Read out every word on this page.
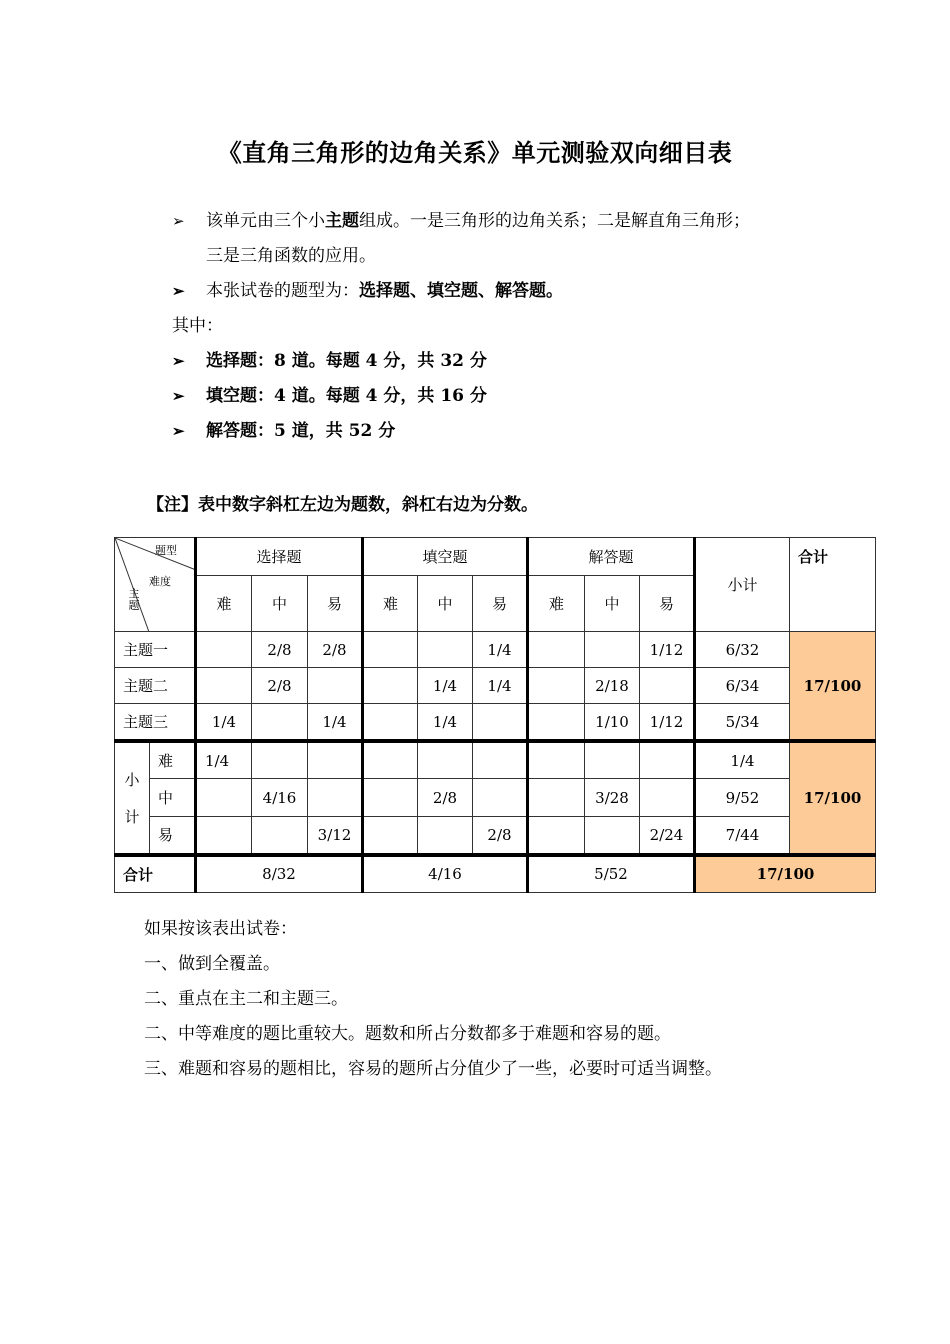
《直角三角形的边角关系》单元测验双向细目表
➢ 该单元由三个小主题组成。一是三角形的边角关系；二是解直角三角形；
三是三角函数的应用。
➢ 本张试卷的题型为：选择题、填空题、解答题。
其中：
➢ 选择题：8 道。每题 4 分，共 32 分
➢ 填空题：4 道。每题 4 分，共 16 分
➢ 解答题：5 道，共 52 分
【注】表中数字斜杠左边为题数，斜杠右边为分数。
题型
难度
主题		选择题			填空题			解答题			小计	合计
		难	中	易	难	中	易	难	中	易		
主题一			2/8	2/8			1/4			1/12	6/32	17/100
主题二			2/8			1/4	1/4		2/18		6/34	
主题三		1/4		1/4		1/4			1/10	1/12	5/34	

小
计	难	1/4									1/4	17/100
	中		4/16			2/8			3/28		9/52	
	易			3/12			2/8			2/24	7/44	
合计		8/32			4/16			5/52			17/100	
如果按该表出试卷：
一、做到全覆盖。
二、重点在主二和主题三。
二、中等难度的题比重较大。题数和所占分数都多于难题和容易的题。
三、难题和容易的题相比，容易的题所占分值少了一些，必要时可适当调整。
